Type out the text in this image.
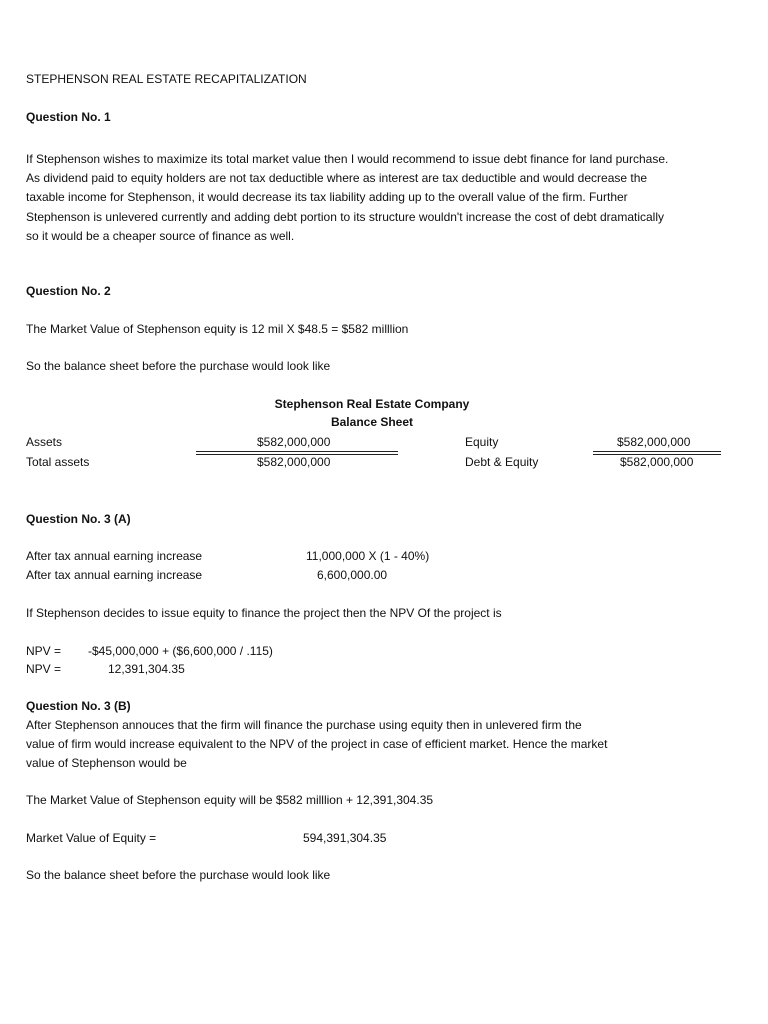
STEPHENSON REAL ESTATE RECAPITALIZATION
Question No. 1
If Stephenson wishes to maximize its total market value then I would recommend to issue debt finance for land purchase.
As dividend paid to equity holders are not tax deductible where as interest are tax deductible and would decrease the
taxable income for Stephenson, it would decrease its tax liability adding up to the overall value of the firm. Further
Stephenson is unlevered currently and adding debt portion to its structure wouldn't increase the cost of debt dramatically
so it would be a cheaper source of finance as well.
Question No. 2
The Market Value of Stephenson equity is 12 mil X $48.5 = $582 milllion
So the balance sheet before the purchase would look like
Stephenson Real Estate Company
Balance Sheet
Assets	$582,000,000	Equity	$582,000,000
Total assets	$582,000,000	Debt & Equity	$582,000,000
Question No. 3 (A)
After tax annual earning increase	11,000,000 X (1 - 40%)
After tax annual earning increase	6,600,000.00
If Stephenson decides to issue equity to finance the project then the NPV Of the project is
NPV = -$45,000,000 + ($6,600,000 / .115)
NPV =	12,391,304.35
Question No. 3 (B)
After Stephenson annouces that the firm will finance the purchase using equity then in unlevered firm the
value of firm would increase equivalent to the NPV of the project in case of efficient market. Hence the market
value of Stephenson would be
The Market Value of Stephenson equity will be $582 milllion + 12,391,304.35
Market Value of Equity =	594,391,304.35
So the balance sheet before the purchase would look like
